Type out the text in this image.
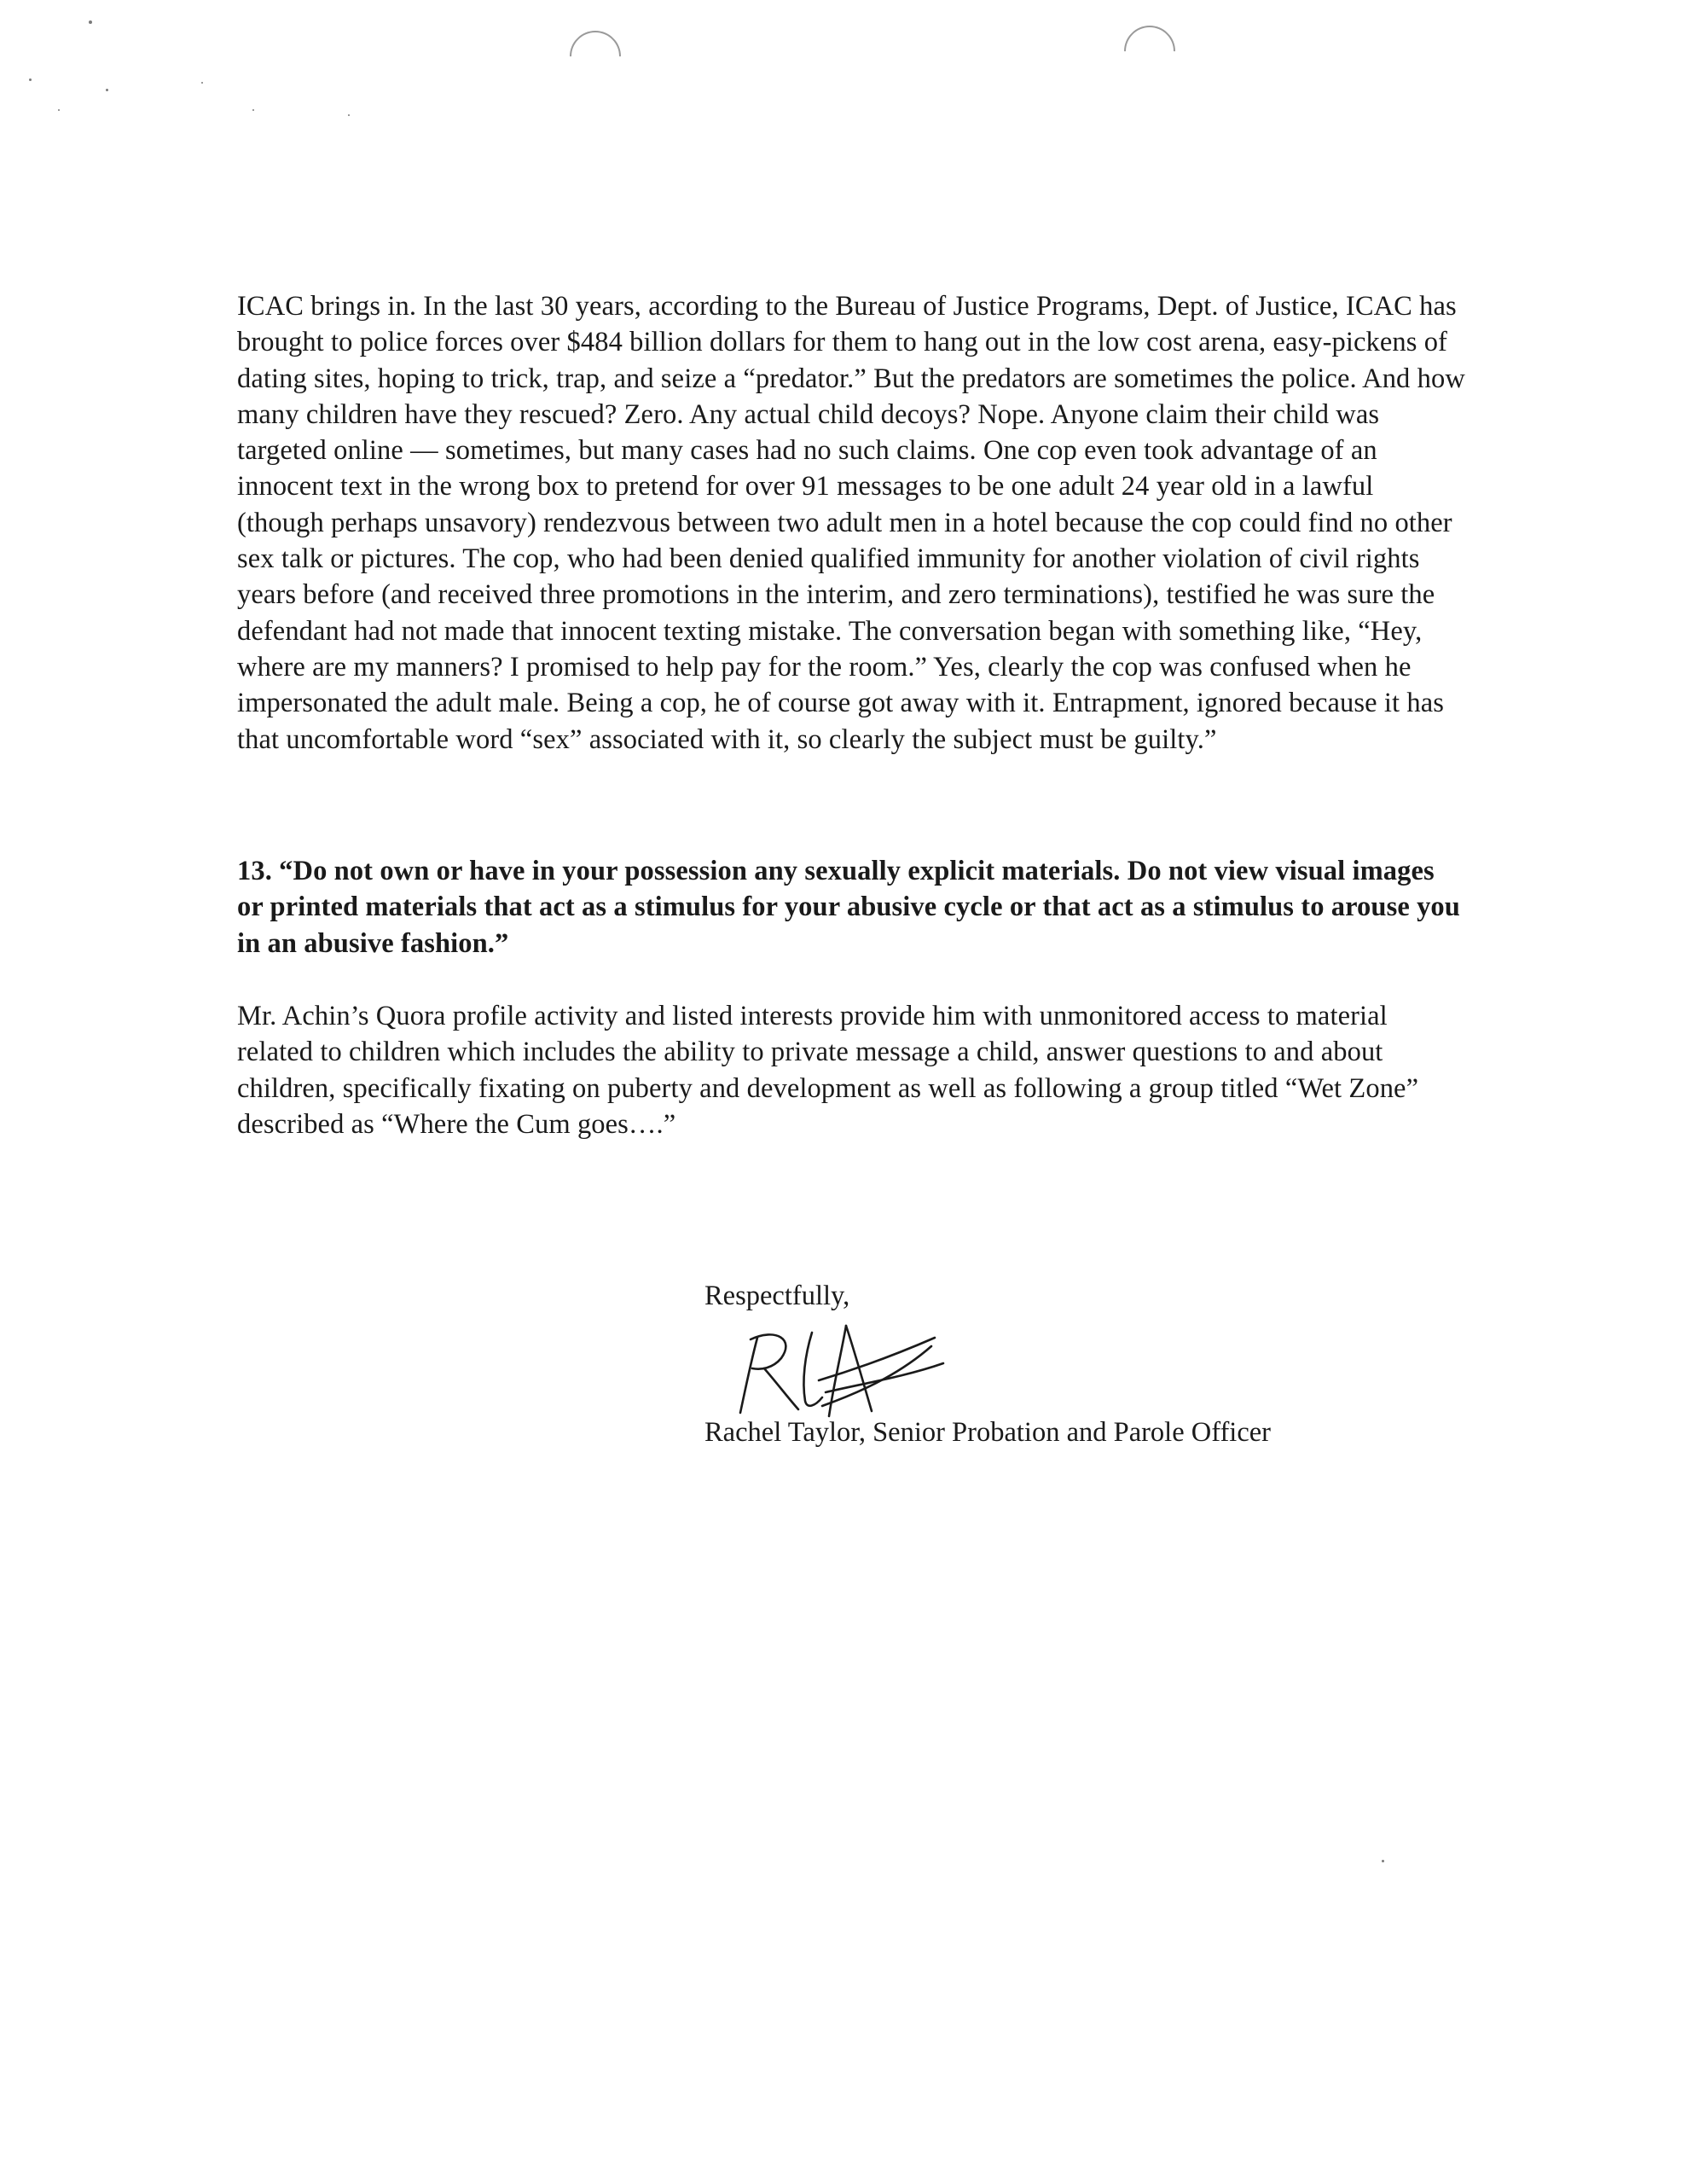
ICAC brings in. In the last 30 years, according to the Bureau of Justice Programs, Dept. of Justice, ICAC has brought to police forces over $484 billion dollars for them to hang out in the low cost arena, easy-pickens of dating sites, hoping to trick, trap, and seize a “predator.” But the predators are sometimes the police. And how many children have they rescued? Zero. Any actual child decoys? Nope. Anyone claim their child was targeted online — sometimes, but many cases had no such claims. One cop even took advantage of an innocent text in the wrong box to pretend for over 91 messages to be one adult 24 year old in a lawful (though perhaps unsavory) rendezvous between two adult men in a hotel because the cop could find no other sex talk or pictures. The cop, who had been denied qualified immunity for another violation of civil rights years before (and received three promotions in the interim, and zero terminations), testified he was sure the defendant had not made that innocent texting mistake. The conversation began with something like, “Hey, where are my manners? I promised to help pay for the room.” Yes, clearly the cop was confused when he impersonated the adult male. Being a cop, he of course got away with it. Entrapment, ignored because it has that uncomfortable word “sex” associated with it, so clearly the subject must be guilty.”
13. “Do not own or have in your possession any sexually explicit materials. Do not view visual images or printed materials that act as a stimulus for your abusive cycle or that act as a stimulus to arouse you in an abusive fashion.”
Mr. Achin’s Quora profile activity and listed interests provide him with unmonitored access to material related to children which includes the ability to private message a child, answer questions to and about children, specifically fixating on puberty and development as well as following a group titled “Wet Zone” described as “Where the Cum goes….”
Respectfully,
Rachel Taylor, Senior Probation and Parole Officer
